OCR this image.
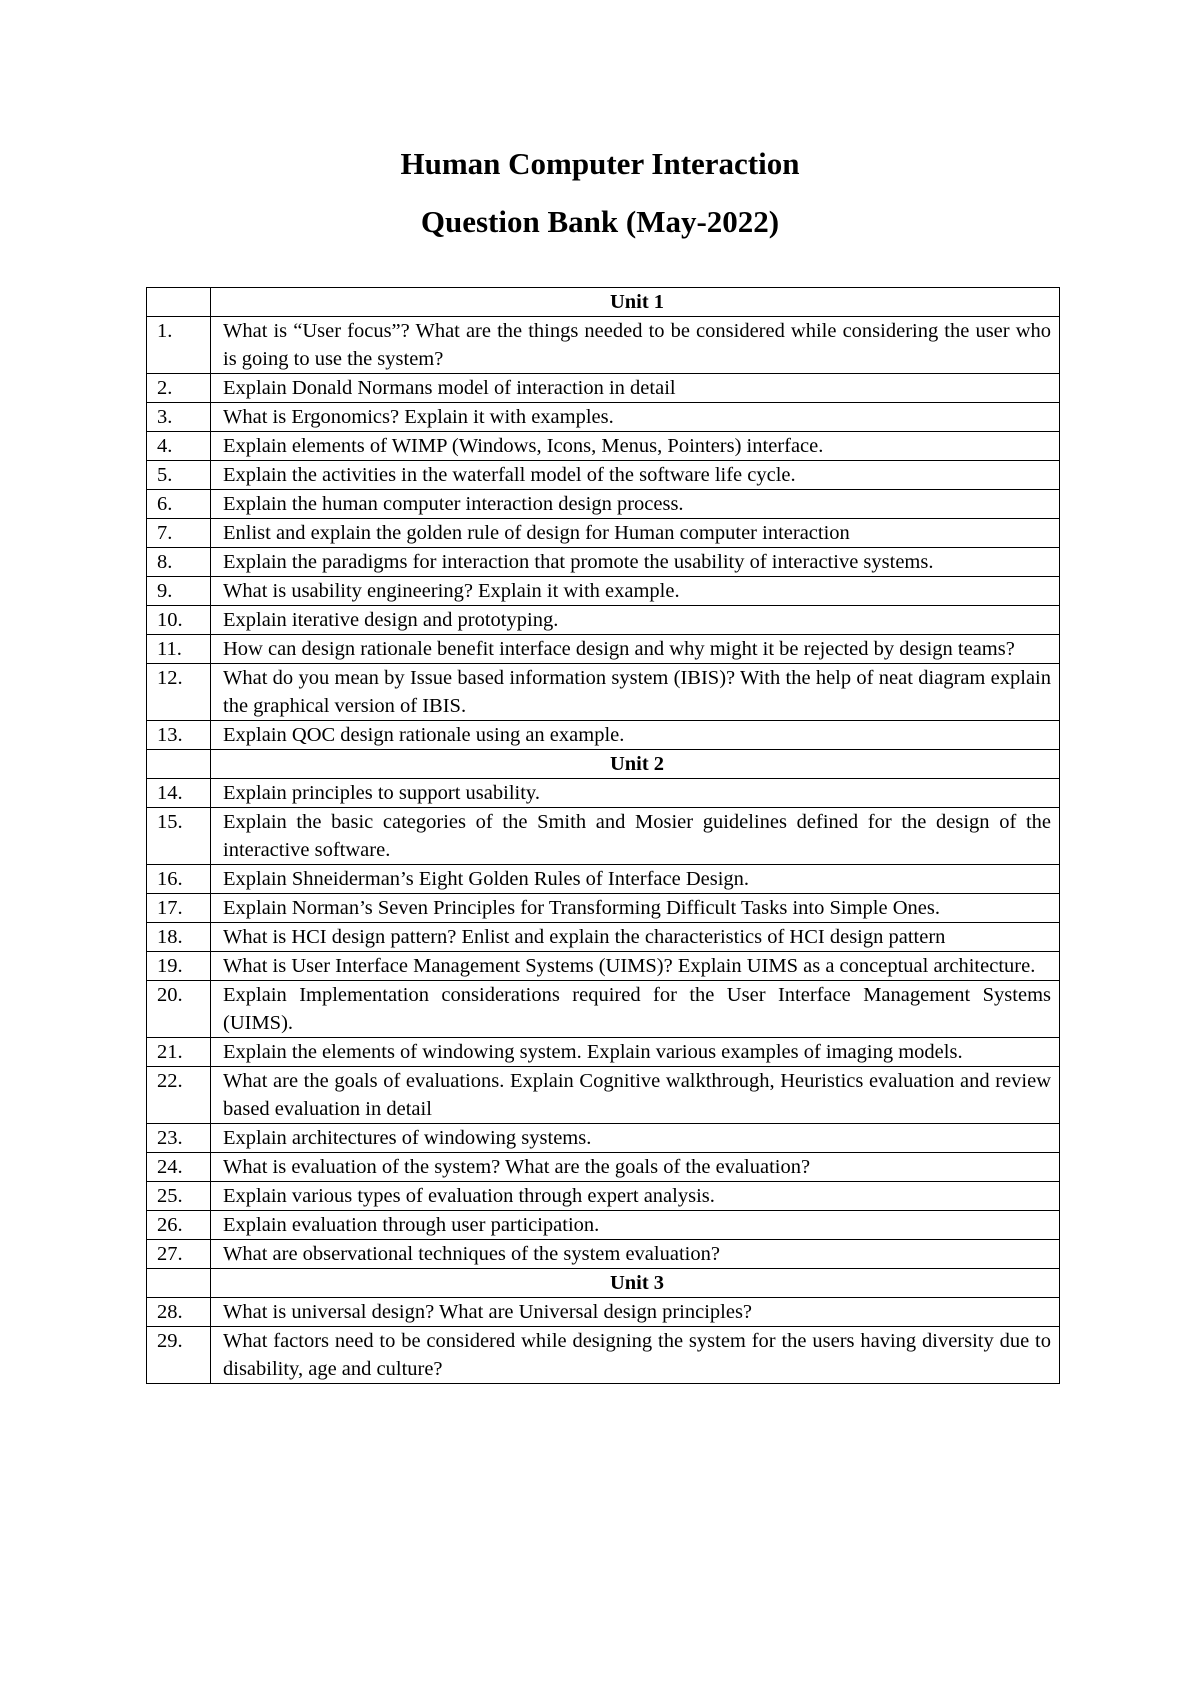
Human Computer Interaction
Question Bank (May-2022)
	Unit 1
1.	What is “User focus”? What are the things needed to be considered while considering the user who is going to use the system?
2.	Explain Donald Normans model of interaction in detail
3.	What is Ergonomics? Explain it with examples.
4.	Explain elements of WIMP (Windows, Icons, Menus, Pointers) interface.
5.	Explain the activities in the waterfall model of the software life cycle.
6.	Explain the human computer interaction design process.
7.	Enlist and explain the golden rule of design for Human computer interaction
8.	Explain the paradigms for interaction that promote the usability of interactive systems.
9.	What is usability engineering? Explain it with example.
10.	Explain iterative design and prototyping.
11.	How can design rationale benefit interface design and why might it be rejected by design teams?
12.	What do you mean by Issue based information system (IBIS)? With the help of neat diagram explain the graphical version of IBIS.
13.	Explain QOC design rationale using an example.
	Unit 2
14.	Explain principles to support usability.
15.	Explain the basic categories of the Smith and Mosier guidelines defined for the design of the interactive software.
16.	Explain Shneiderman’s Eight Golden Rules of Interface Design.
17.	Explain Norman’s Seven Principles for Transforming Difficult Tasks into Simple Ones.
18.	What is HCI design pattern? Enlist and explain the characteristics of HCI design pattern
19.	What is User Interface Management Systems (UIMS)? Explain UIMS as a conceptual architecture.
20.	Explain Implementation considerations required for the User Interface Management Systems (UIMS).
21.	Explain the elements of windowing system. Explain various examples of imaging models.
22.	What are the goals of evaluations. Explain Cognitive walkthrough, Heuristics evaluation and review based evaluation in detail
23.	Explain architectures of windowing systems.
24.	What is evaluation of the system? What are the goals of the evaluation?
25.	Explain various types of evaluation through expert analysis.
26.	Explain evaluation through user participation.
27.	What are observational techniques of the system evaluation?
	Unit 3
28.	What is universal design? What are Universal design principles?
29.	What factors need to be considered while designing the system for the users having diversity due to disability, age and culture?
